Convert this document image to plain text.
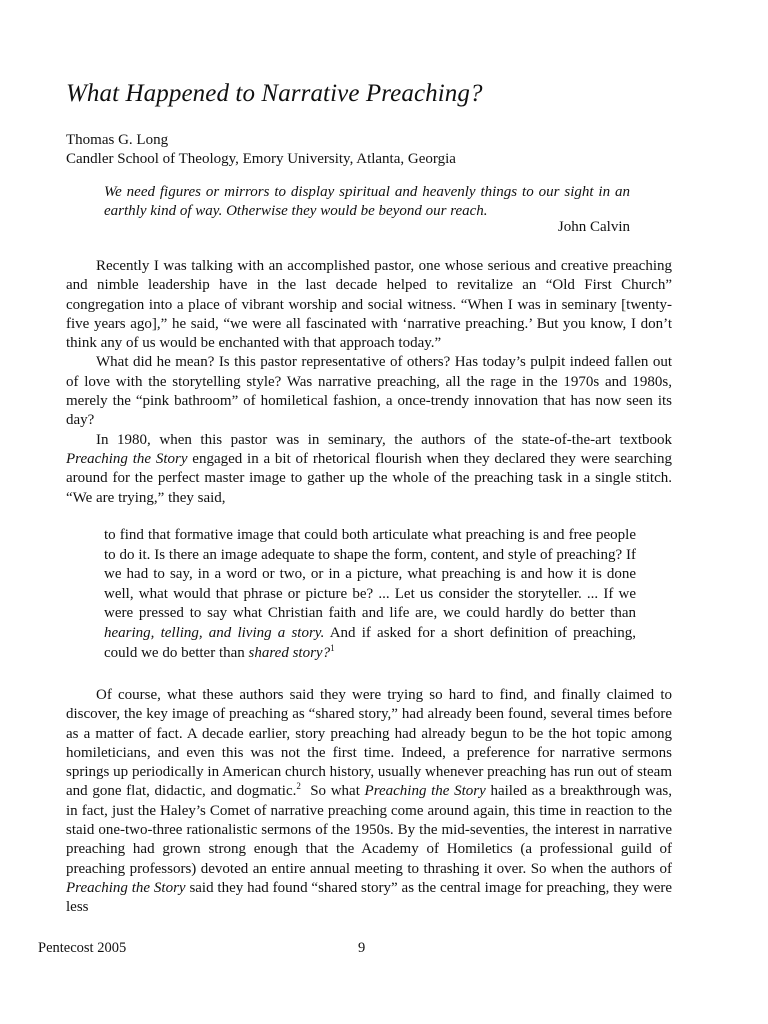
What Happened to Narrative Preaching?
Thomas G. Long
Candler School of Theology, Emory University, Atlanta, Georgia
We need figures or mirrors to display spiritual and heavenly things to our sight in an earthly kind of way. Otherwise they would be beyond our reach.
John Calvin

Recently I was talking with an accomplished pastor, one whose serious and creative preaching and nimble leadership have in the last decade helped to revitalize an “Old First Church” congregation into a place of vibrant worship and social witness. “When I was in seminary [twenty-five years ago],” he said, “we were all fascinated with ‘narrative preaching.’ But you know, I don’t think any of us would be enchanted with that approach today.”

What did he mean? Is this pastor representative of others? Has today’s pulpit indeed fallen out of love with the storytelling style? Was narrative preaching, all the rage in the 1970s and 1980s, merely the “pink bathroom” of homiletical fashion, a once-trendy innovation that has now seen its day?

In 1980, when this pastor was in seminary, the authors of the state-of-the-art textbook Preaching the Story engaged in a bit of rhetorical flourish when they declared they were searching around for the perfect master image to gather up the whole of the preaching task in a single stitch. “We are trying,” they said,

to find that formative image that could both articulate what preaching is and free people to do it. Is there an image adequate to shape the form, content, and style of preaching? If we had to say, in a word or two, or in a picture, what preaching is and how it is done well, what would that phrase or picture be? ... Let us consider the storyteller. ... If we were pressed to say what Christian faith and life are, we could hardly do better than hearing, telling, and living a story. And if asked for a short definition of preaching, could we do better than shared story?$^1$

Of course, what these authors said they were trying so hard to find, and finally claimed to discover, the key image of preaching as “shared story,” had already been found, several times before as a matter of fact. A decade earlier, story preaching had already begun to be the hot topic among homileticians, and even this was not the first time. Indeed, a preference for narrative sermons springs up periodically in American church history, usually whenever preaching has run out of steam and gone flat, didactic, and dogmatic.$^2$ So what Preaching the Story hailed as a breakthrough was, in fact, just the Haley’s Comet of narrative preaching come around again, this time in reaction to the staid one-two-three rationalistic sermons of the 1950s. By the mid-seventies, the interest in narrative preaching had grown strong enough that the Academy of Homiletics (a professional guild of preaching professors) devoted an entire annual meeting to thrashing it over. So when the authors of Preaching the Story said they had found “shared story” as the central image for preaching, they were less

Pentecost 2005	9
